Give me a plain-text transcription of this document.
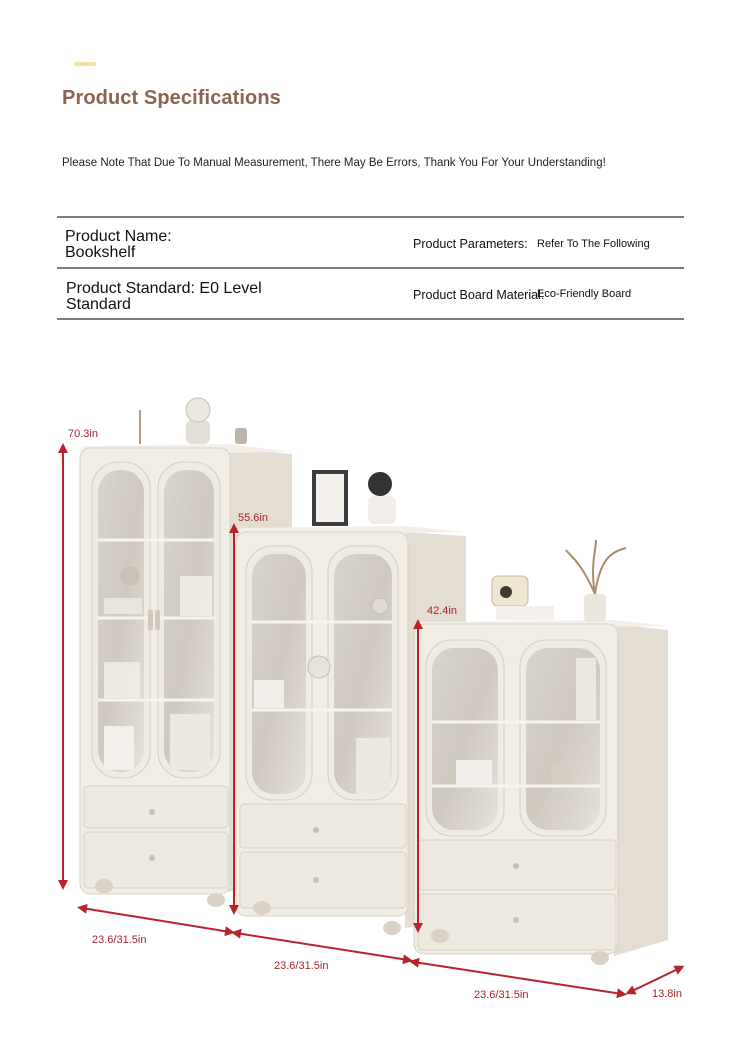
Product Specifications

Please Note That Due To Manual Measurement, There May Be Errors, Thank You For Your Understanding!

Product Name:
Bookshelf	Product Parameters: Refer To The Following
Product Standard: E0 Level Standard
Product Board Material:
Eco-Friendly Board
70.3in
55.6in
42.4in
23.6/31.5in
23.6/31.5in
23.6/31.5in	13.8in
